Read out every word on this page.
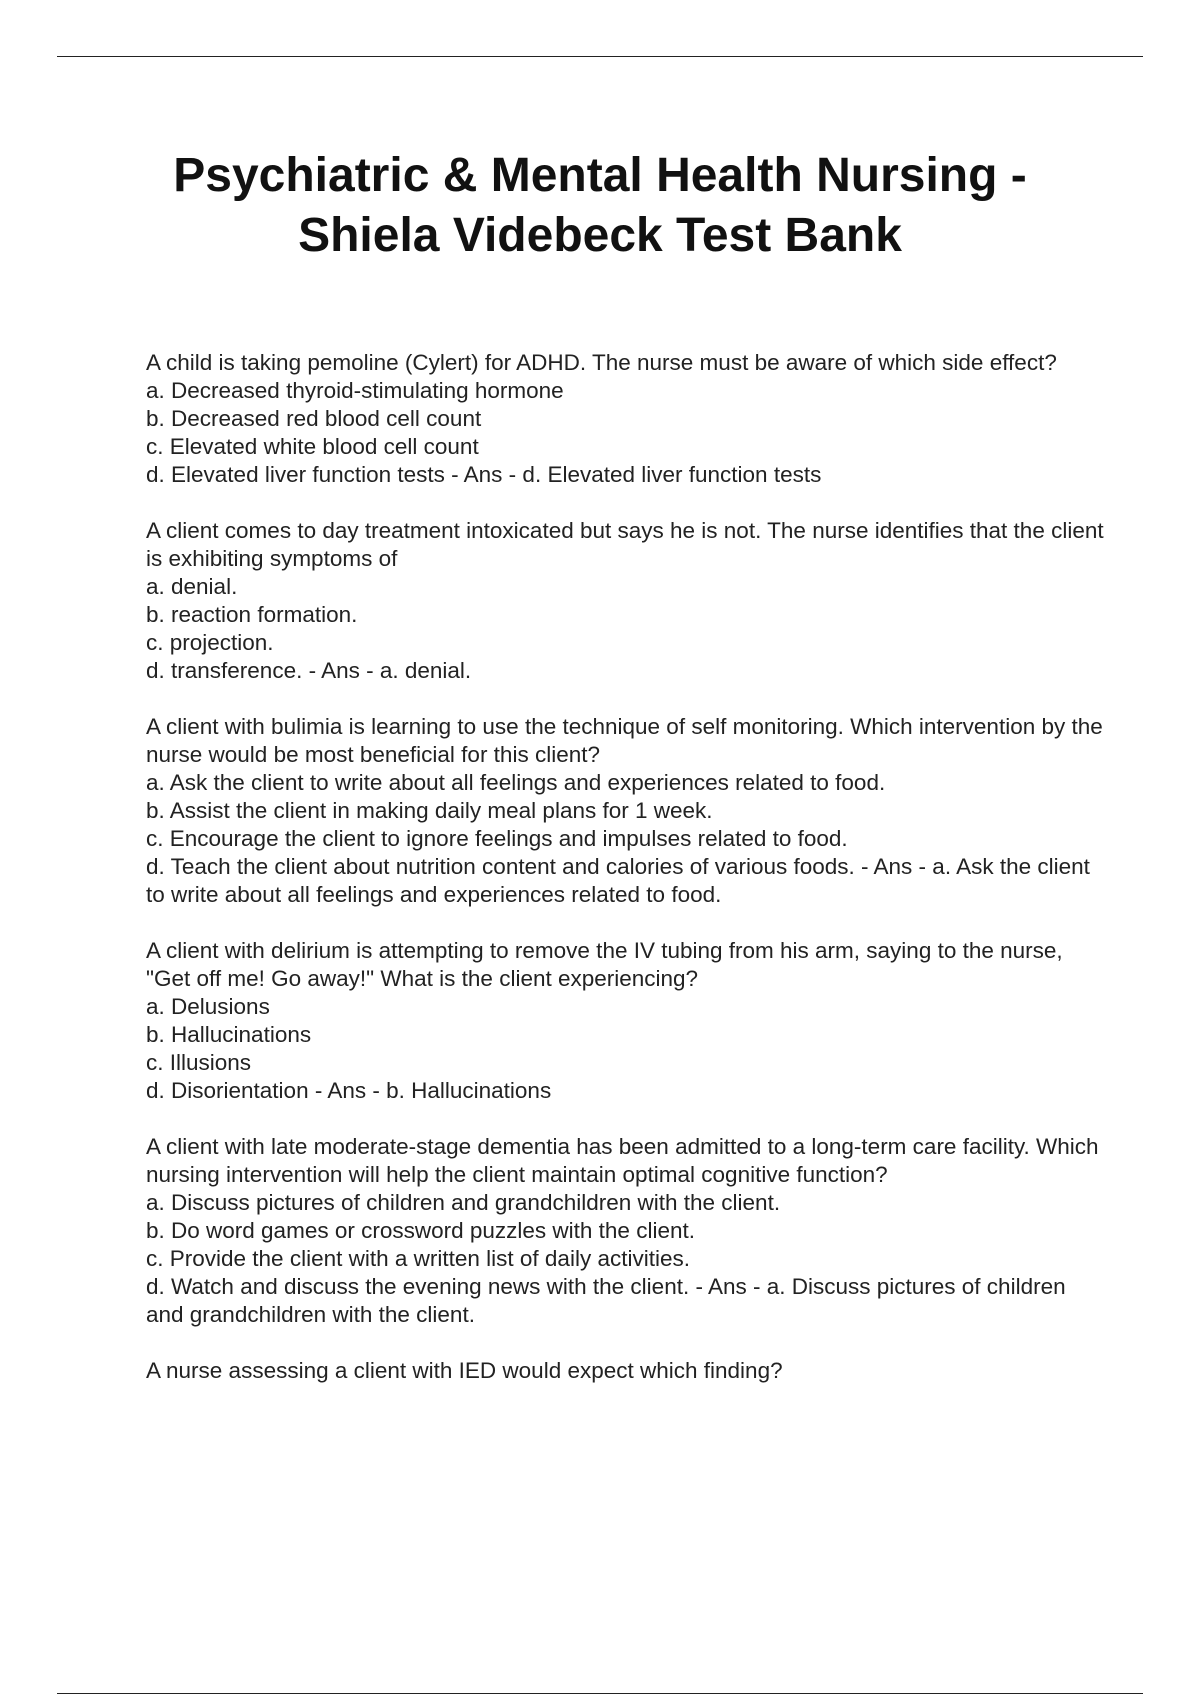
Psychiatric & Mental Health Nursing -
Shiela Videbeck Test Bank
A child is taking pemoline (Cylert) for ADHD. The nurse must be aware of which side effect?
a. Decreased thyroid-stimulating hormone
b. Decreased red blood cell count
c. Elevated white blood cell count
d. Elevated liver function tests - Ans - d. Elevated liver function tests
A client comes to day treatment intoxicated but says he is not. The nurse identifies that the client is exhibiting symptoms of
a. denial.
b. reaction formation.
c. projection.
d. transference. - Ans - a. denial.
A client with bulimia is learning to use the technique of self monitoring. Which intervention by the nurse would be most beneficial for this client?
a. Ask the client to write about all feelings and experiences related to food.
b. Assist the client in making daily meal plans for 1 week.
c. Encourage the client to ignore feelings and impulses related to food.
d. Teach the client about nutrition content and calories of various foods. - Ans - a. Ask the client to write about all feelings and experiences related to food.
A client with delirium is attempting to remove the IV tubing from his arm, saying to the nurse, "Get off me! Go away!" What is the client experiencing?
a. Delusions
b. Hallucinations
c. Illusions
d. Disorientation - Ans - b. Hallucinations
A client with late moderate-stage dementia has been admitted to a long-term care facility. Which nursing intervention will help the client maintain optimal cognitive function?
a. Discuss pictures of children and grandchildren with the client.
b. Do word games or crossword puzzles with the client.
c. Provide the client with a written list of daily activities.
d. Watch and discuss the evening news with the client. - Ans - a. Discuss pictures of children and grandchildren with the client.
A nurse assessing a client with IED would expect which finding?
